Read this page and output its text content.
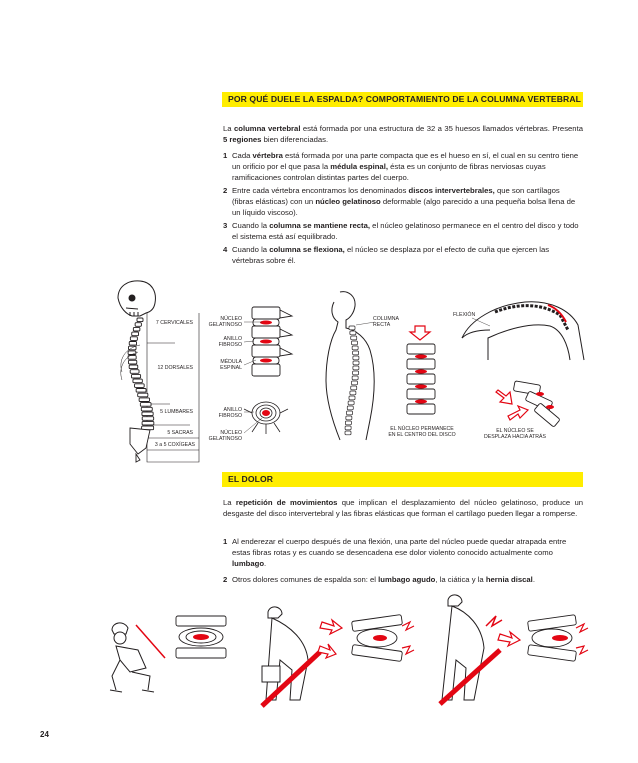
POR QUÉ DUELE LA ESPALDA? COMPORTAMIENTO DE LA COLUMNA VERTEBRAL
La columna vertebral está formada por una estructura de 32 a 35 huesos llamados vértebras. Presenta 5 regiones bien diferenciadas.
1 Cada vértebra está formada por una parte compacta que es el hueso en sí, el cual en su centro tiene un orificio por el que pasa la médula espinal, ésta es un conjunto de fibras nerviosas cuyas ramificaciones controlan distintas partes del cuerpo.
2 Entre cada vértebra encontramos los denominados discos intervertebrales, que son cartílagos (fibras elásticas) con un núcleo gelatinoso deformable (algo parecido a una pequeña bolsa llena de un líquido viscoso).
3 Cuando la columna se mantiene recta, el núcleo gelatinoso permanece en el centro del disco y todo el sistema está así equilibrado.
4 Cuando la columna se flexiona, el núcleo se desplaza por el efecto de cuña que ejercen las vértebras sobre él.
7 CERVICALES
12 DORSALES
5 LUMBARES
5 SACRAS
3 a 5 COXÍGEAS
NÚCLEO
GELATINOSO
ANILLO
FIBROSO
MÉDULA
ESPINAL
ANILLO
FIBROSO
NÚCLEO
GELATINOSO
COLUMNA
RECTA
EL NÚCLEO PERMANECE
EN EL CENTRO DEL DISCO
FLEXIÓN
EL NÚCLEO SE
DESPLAZA HACIA ATRÁS
EL DOLOR
La repetición de movimientos que implican el desplazamiento del núcleo gelatinoso, produce un desgaste del disco intervertebral y las fibras elásticas que forman el cartílago pueden llegar a romperse.
1 Al enderezar el cuerpo después de una flexión, una parte del núcleo puede quedar atrapada entre estas fibras rotas y es cuando se desencadena ese dolor violento conocido actualmente como lumbago.
2 Otros dolores comunes de espalda son: el lumbago agudo, la ciática y la hernia discal.
24
